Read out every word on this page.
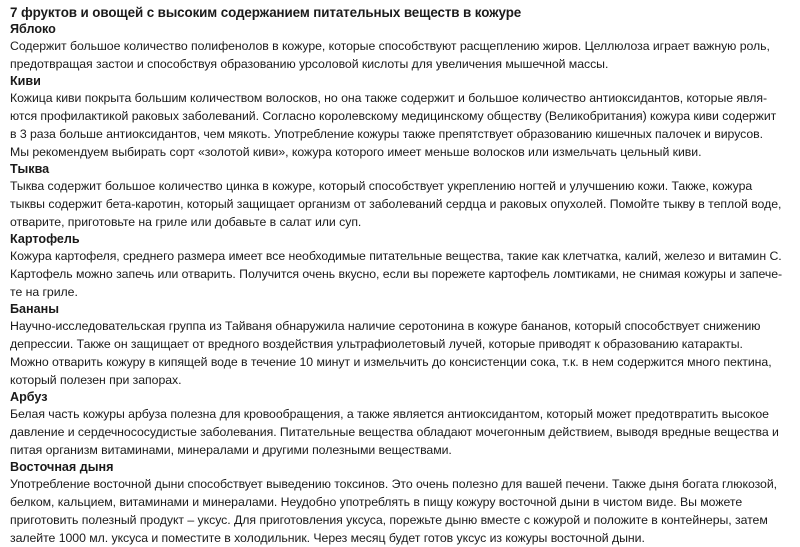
7 фруктов и овощей с высоким содержанием питательных веществ в кожуре
Яблоко
Содержит большое количество полифенолов в кожуре, которые способствуют расщеплению жиров. Целлюлоза играет важную роль,
предотвращая застои и способствуя образованию урсоловой кислоты для увеличения мышечной массы.
Киви
Кожица киви покрыта большим количеством волосков, но она также содержит и большое количество антиоксидантов, которые явля-
ются профилактикой раковых заболеваний. Согласно королевскому медицинскому обществу (Великобритания) кожура киви содержит
в 3 раза больше антиоксидантов, чем мякоть. Употребление кожуры также препятствует образованию кишечных палочек и вирусов.
Мы рекомендуем выбирать сорт «золотой киви», кожура которого имеет меньше волосков или измельчать цельный киви.
Тыква
Тыква содержит большое количество цинка в кожуре, который способствует укреплению ногтей и улучшению кожи. Также, кожура
тыквы содержит бета-каротин, который защищает организм от заболеваний сердца и раковых опухолей. Помойте тыкву в теплой воде,
отварите, приготовьте на гриле или добавьте в салат или суп.
Картофель
Кожура картофеля, среднего размера имеет все необходимые питательные вещества, такие как клетчатка, калий, железо и витамин С.
Картофель можно запечь или отварить. Получится очень вкусно, если вы порежете картофель ломтиками, не снимая кожуры и запече-
те на гриле.
Бананы
Научно-исследовательская группа из Тайваня обнаружила наличие серотонина в кожуре бананов, который способствует снижению
депрессии. Также он защищает от вредного воздействия ультрафиолетовый лучей, которые приводят к образованию катаракты.
Можно отварить кожуру в кипящей воде в течение 10 минут и измельчить до консистенции сока, т.к. в нем содержится много пектина,
который полезен при запорах.
Арбуз
Белая часть кожуры арбуза полезна для кровообращения, а также является антиоксидантом, который может предотвратить высокое
давление и сердечнососудистые заболевания. Питательные вещества обладают мочегонным действием, выводя вредные вещества и
питая организм витаминами, минералами и другими полезными веществами.
Восточная дыня
Употребление восточной дыни способствует выведению токсинов. Это очень полезно для вашей печени. Также дыня богата глюкозой,
белком, кальцием, витаминами и минералами. Неудобно употреблять в пищу кожуру восточной дыни в чистом виде. Вы можете
приготовить полезный продукт – уксус. Для приготовления уксуса, порежьте дыню вместе с кожурой и положите в контейнеры, затем
залейте 1000 мл. уксуса и поместите в холодильник. Через месяц будет готов уксус из кожуры восточной дыни.
